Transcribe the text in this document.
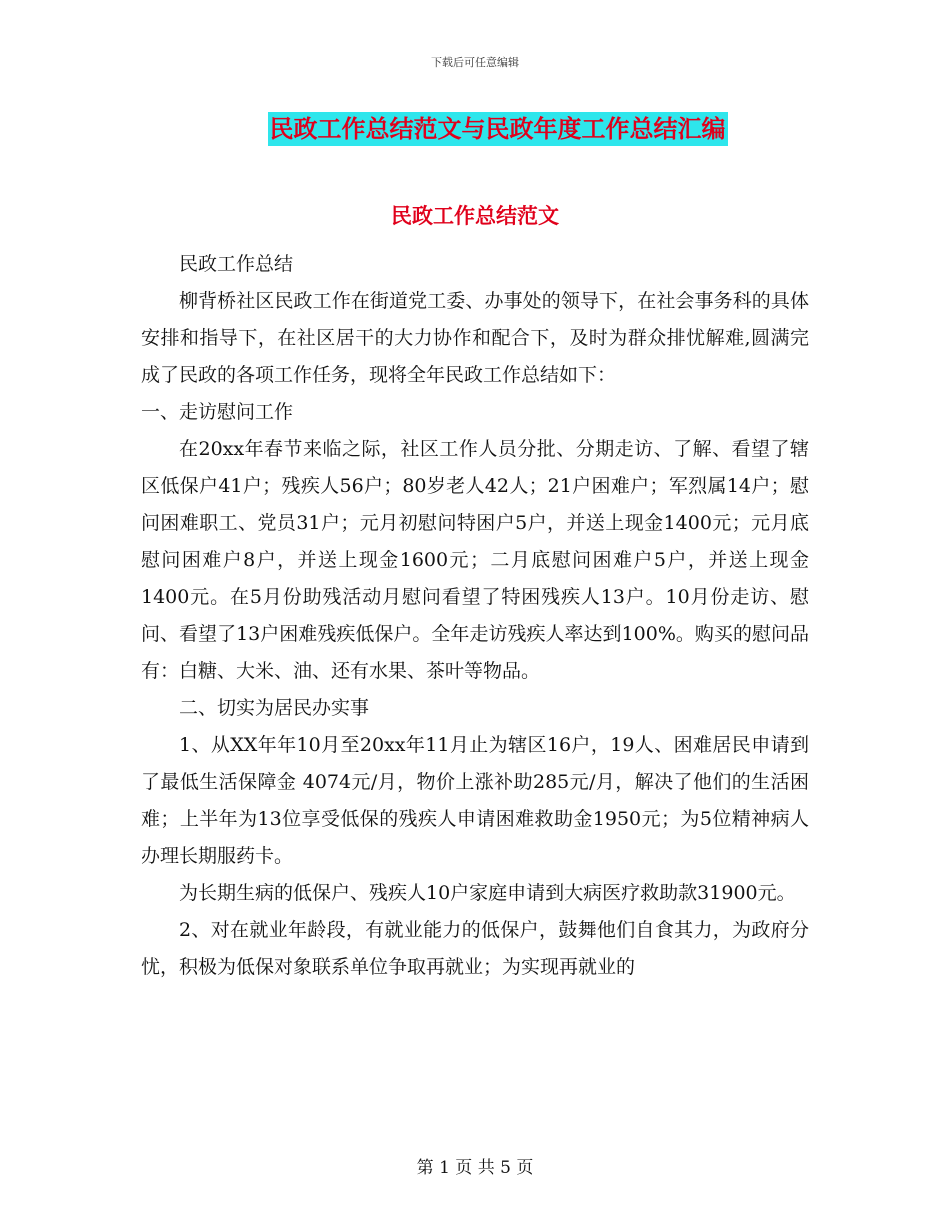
下载后可任意编辑
民政工作总结范文与民政年度工作总结汇编
民政工作总结范文

民政工作总结

柳背桥社区民政工作在街道党工委、办事处的领导下，在社会事务科的具体安排和指导下，在社区居干的大力协作和配合下，及时为群众排忧解难,圆满完成了民政的各项工作任务，现将全年民政工作总结如下：

一、走访慰问工作

在20xx年春节来临之际，社区工作人员分批、分期走访、了解、看望了辖区低保户41户；残疾人56户；80岁老人42人；21户困难户；军烈属14户；慰问困难职工、党员31户；元月初慰问特困户5户，并送上现金1400元；元月底慰问困难户8户，并送上现金1600元；二月底慰问困难户5户，并送上现金1400元。在5月份助残活动月慰问看望了特困残疾人13户。10月份走访、慰问、看望了13户困难残疾低保户。全年走访残疾人率达到100%。购买的慰问品有：白糖、大米、油、还有水果、茶叶等物品。

二、切实为居民办实事

1、从XX年年10月至20xx年11月止为辖区16户，19人、困难居民申请到了最低生活保障金 4074元/月，物价上涨补助285元/月，解决了他们的生活困难；上半年为13位享受低保的残疾人申请困难救助金1950元；为5位精神病人办理长期服药卡。

为长期生病的低保户、残疾人10户家庭申请到大病医疗救助款31900元。

2、对在就业年龄段，有就业能力的低保户，鼓舞他们自食其力，为政府分忧，积极为低保对象联系单位争取再就业；为实现再就业的

第 1 页 共 5 页
